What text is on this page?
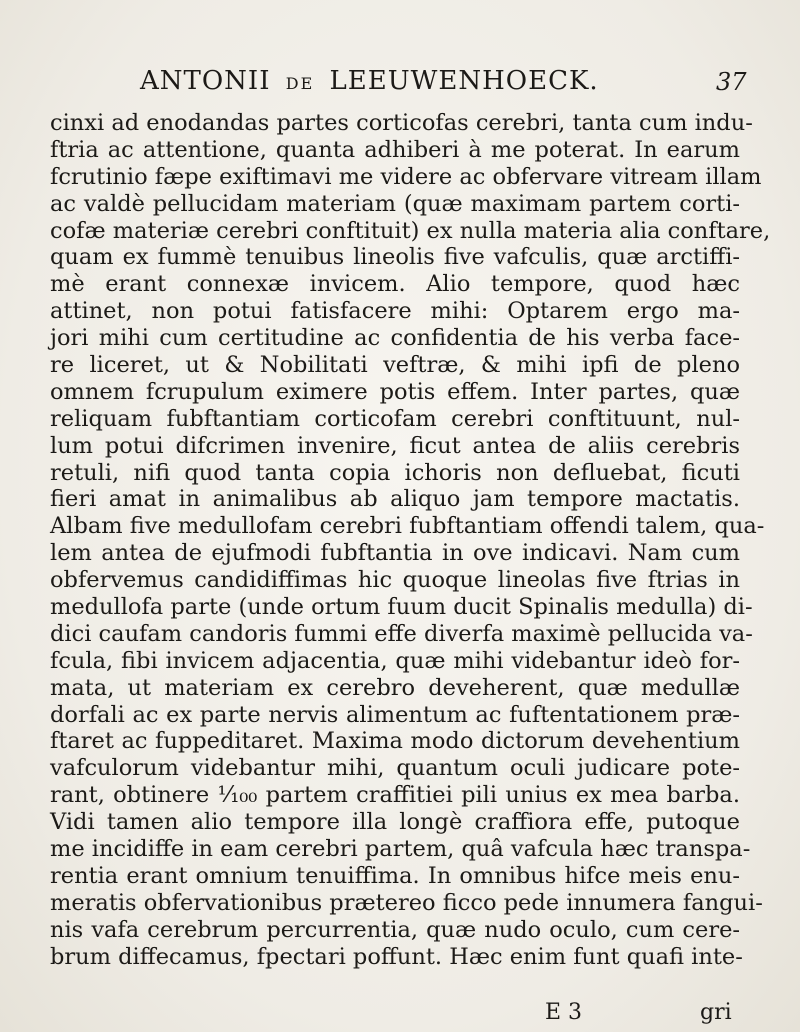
ANTONII DE LEEUWENHOECK.	37
cinxi ad enodandas partes corticofas cerebri, tanta cum indu-
ftria ac attentione, quanta adhiberi à me poterat. In earum
fcrutinio fæpe exiftimavi me videre ac obfervare vitream illam
ac valdè pellucidam materiam (quæ maximam partem corti-
cofæ materiæ cerebri conftituit) ex nulla materia alia conftare,
quam ex fummè tenuibus lineolis five vafculis, quæ arctiffi-
mè erant connexæ invicem. Alio tempore, quod hæc
attinet, non potui fatisfacere mihi: Optarem ergo ma-
jori mihi cum certitudine ac confidentia de his verba face-
re liceret, ut & Nobilitati veftræ, & mihi ipfi de pleno
omnem fcrupulum eximere potis effem. Inter partes, quæ
reliquam fubftantiam corticofam cerebri conftituunt, nul-
lum potui difcrimen invenire, ficut antea de aliis cerebris
retuli, nifi quod tanta copia ichoris non defluebat, ficuti
fieri amat in animalibus ab aliquo jam tempore mactatis.
Albam five medullofam cerebri fubftantiam offendi talem, qua-
lem antea de ejufmodi fubftantia in ove indicavi. Nam cum
obfervemus candidiffimas hic quoque lineolas five ftrias in
medullofa parte (unde ortum fuum ducit Spinalis medulla) di-
dici caufam candoris fummi effe diverfa maximè pellucida va-
fcula, fibi invicem adjacentia, quæ mihi videbantur ideò for-
mata, ut materiam ex cerebro deveherent, quæ medullæ
dorfali ac ex parte nervis alimentum ac fuftentationem præ-
ftaret ac fuppeditaret. Maxima modo dictorum devehentium
vafculorum videbantur mihi, quantum oculi judicare pote-
rant, obtinere ¹⁄₁₀₀ partem craffitiei pili unius ex mea barba.
Vidi tamen alio tempore illa longè craffiora effe, putoque
me incidiffe in eam cerebri partem, quâ vafcula hæc transpa-
rentia erant omnium tenuiffima. In omnibus hifce meis enu-
meratis obfervationibus prætereo ficco pede innumera fangui-
nis vafa cerebrum percurrentia, quæ nudo oculo, cum cere-
brum diffecamus, fpectari poffunt. Hæc enim funt quafi inte-
E 3	gri
